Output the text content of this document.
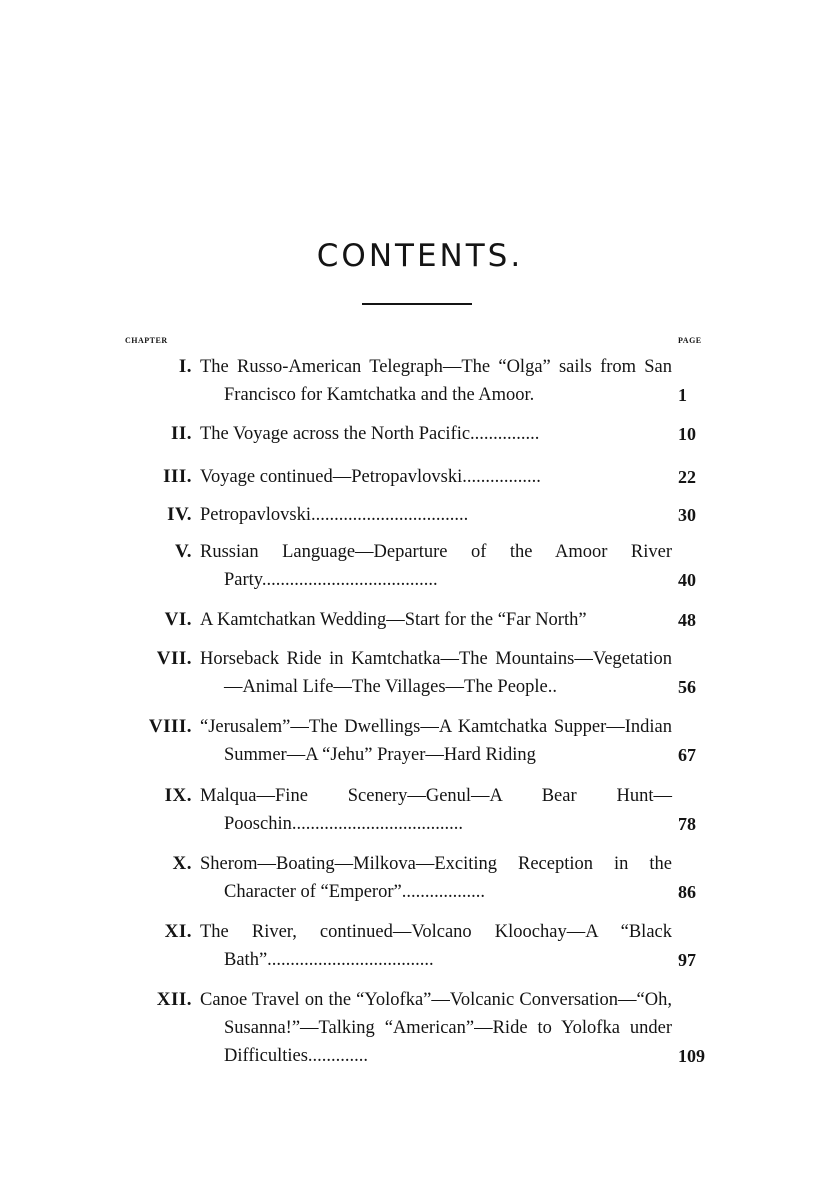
CONTENTS.
CHAPTER	PAGE
I. The Russo-American Telegraph—The “Olga” sails from San Francisco for Kamtchatka and the Amoor.	1
II. The Voyage across the North Pacific...............	10
III. Voyage continued—Petropavlovski.................	22
IV. Petropavlovski..................................	30
V. Russian Language—Departure of the Amoor River Party......................................	40
VI. A Kamtchatkan Wedding—Start for the “Far North”	48
VII. Horseback Ride in Kamtchatka—The Mountains—Vegetation—Animal Life—The Villages—The People..	56
VIII. “Jerusalem”—The Dwellings—A Kamtchatka Supper—Indian Summer—A “Jehu” Prayer—Hard Riding	67
IX. Malqua—Fine Scenery—Genul—A Bear Hunt—Pooschin.....................................	78
X. Sherom—Boating—Milkova—Exciting Reception in the Character of “Emperor”..................	86
XI. The River, continued—Volcano Kloochay—A “Black Bath”....................................	97
XII. Canoe Travel on the “Yolofka”—Volcanic Conversation—“Oh, Susanna!”—Talking “American”—Ride to Yolofka under Difficulties.............	109
